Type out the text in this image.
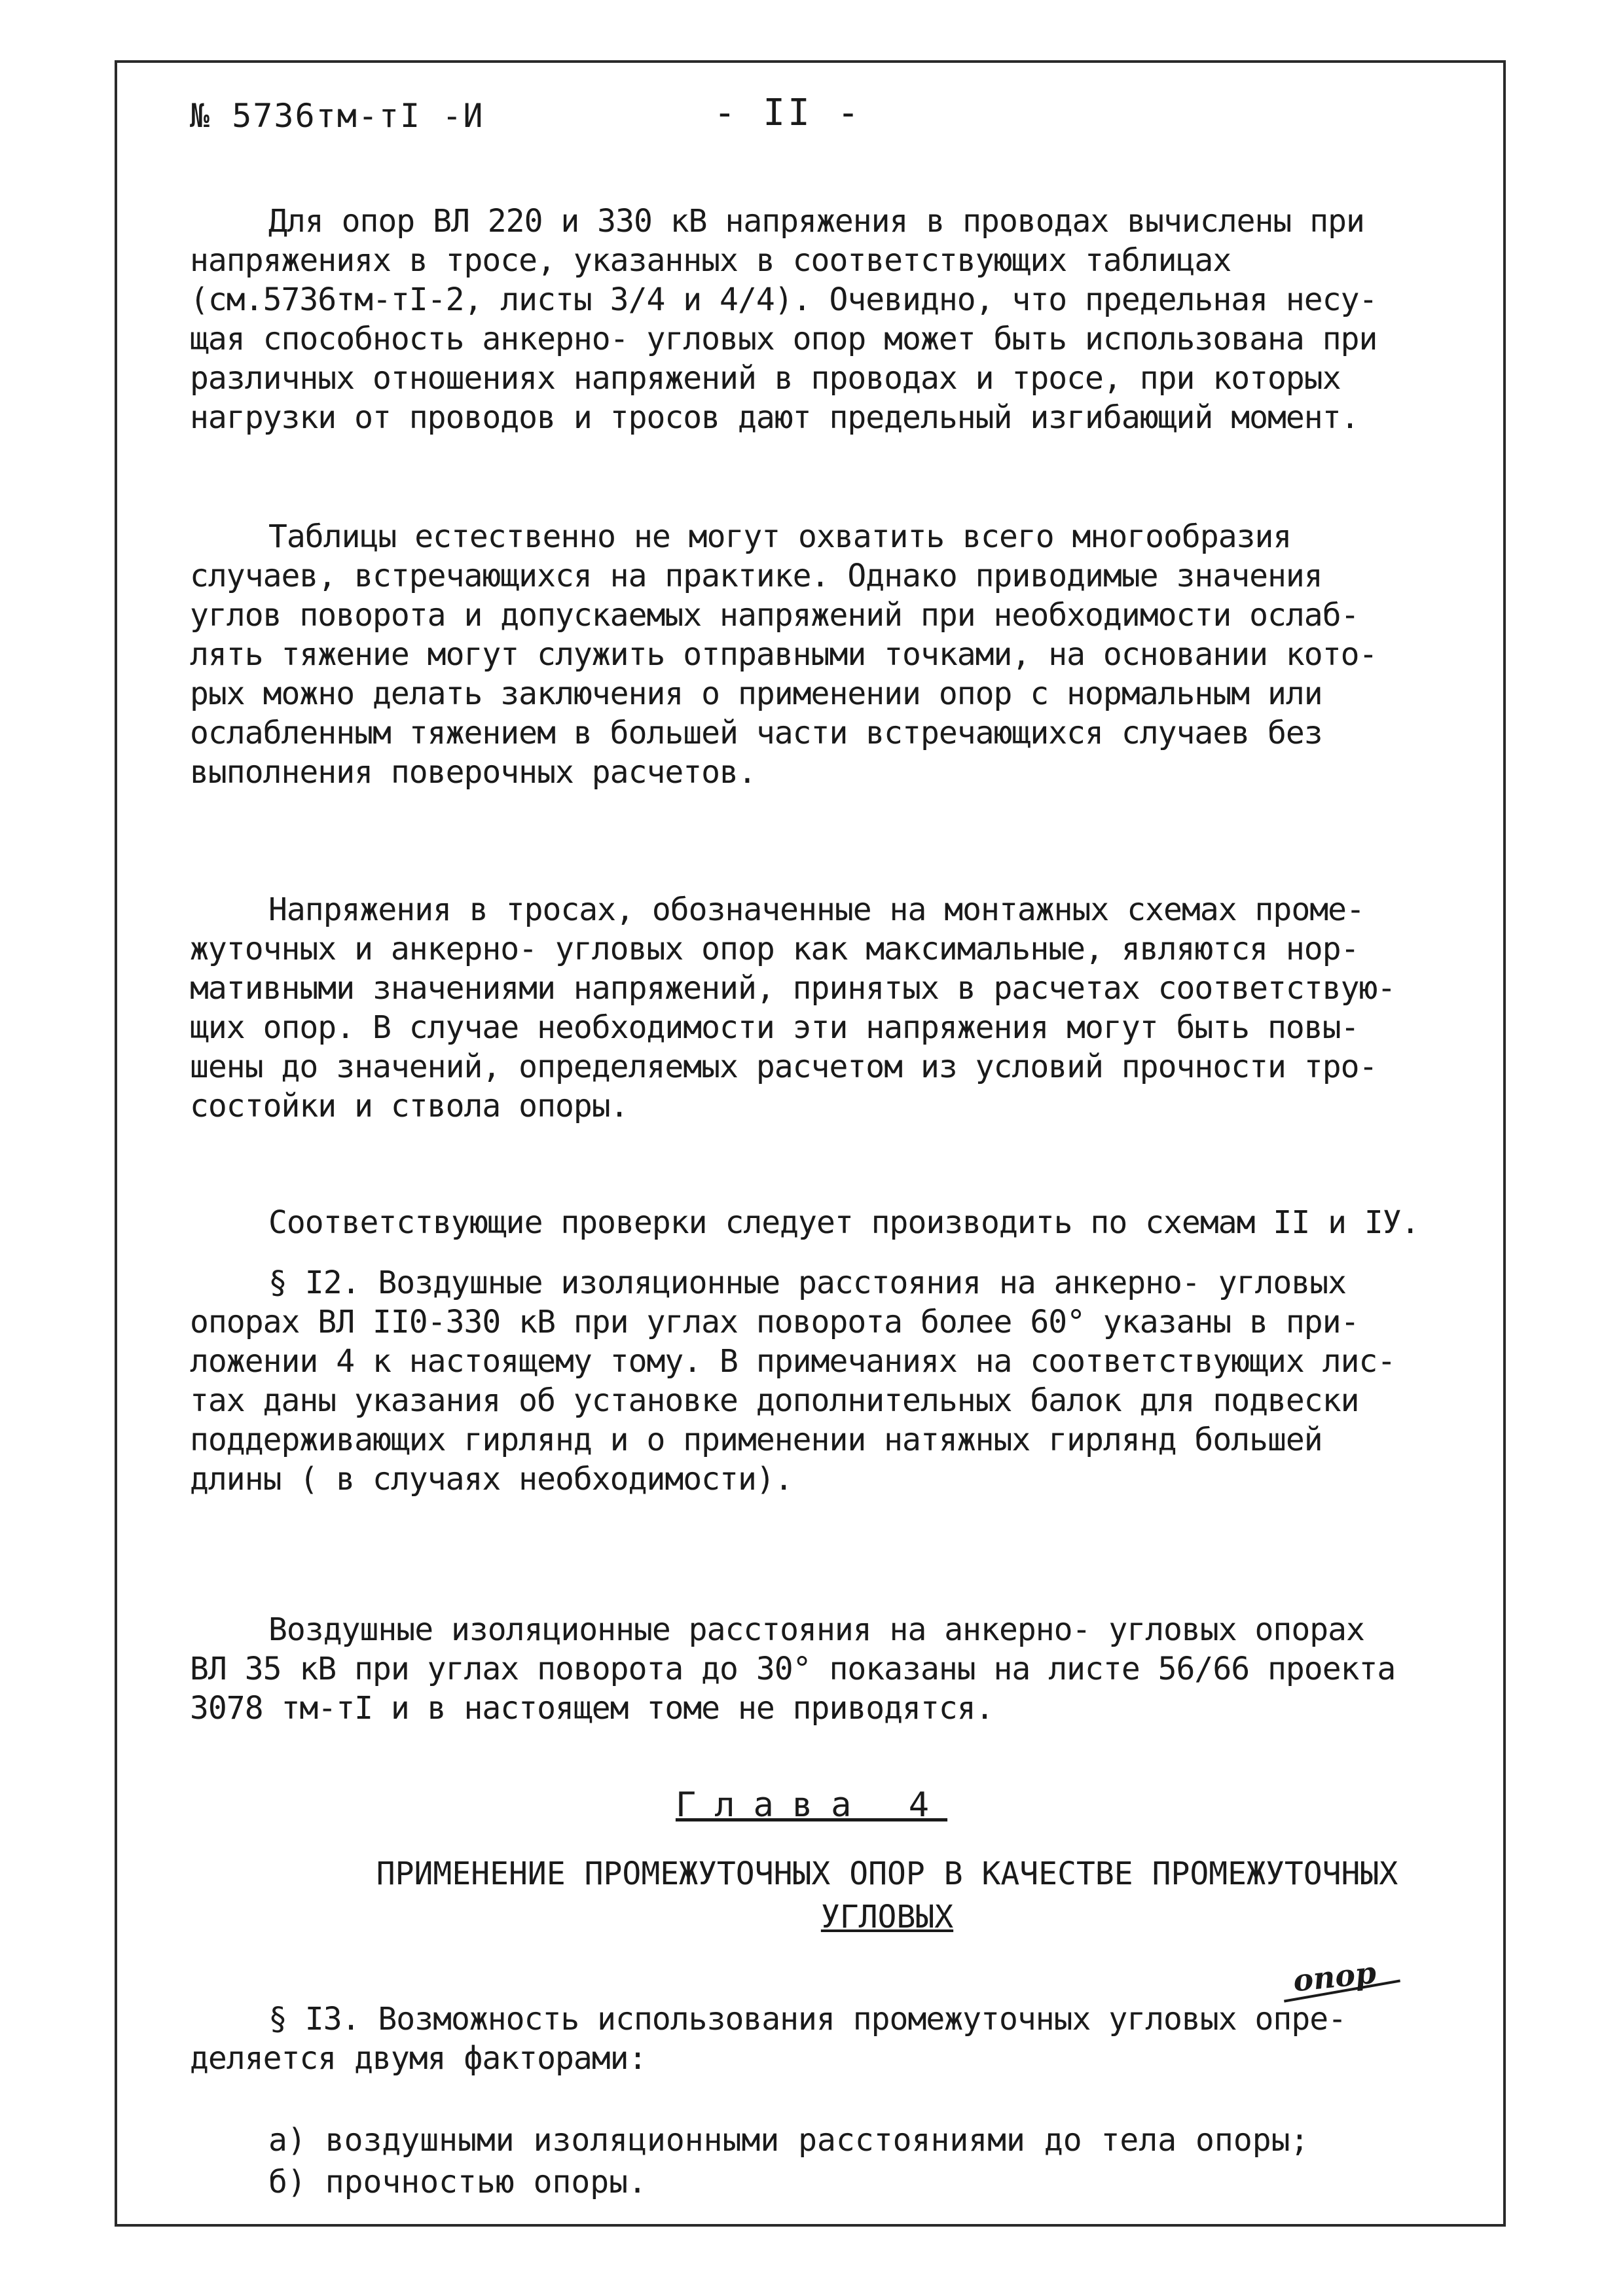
№ 5736тм-тI -И	- II -
Для опор ВЛ 220 и 330 кВ напряжения в проводах вычислены при
напряжениях в тросе, указанных в соответствующих таблицах
(см.5736тм-тI-2, листы 3/4 и 4/4). Очевидно, что предельная несу-
щая способность анкерно- угловых опор может быть использована при
различных отношениях напряжений в проводах и тросе, при которых
нагрузки от проводов и тросов дают предельный изгибающий момент.
Таблицы естественно не могут охватить всего многообразия
случаев, встречающихся на практике. Однако приводимые значения
углов поворота и допускаемых напряжений при необходимости ослаб-
лять тяжение могут служить отправными точками, на основании кото-
рых можно делать заключения о применении опор с нормальным или
ослабленным тяжением в большей части встречающихся случаев без
выполнения поверочных расчетов.
Напряжения в тросах, обозначенные на монтажных схемах проме-
жуточных и анкерно- угловых опор как максимальные, являются нор-
мативными значениями напряжений, принятых в расчетах соответствую-
щих опор. В случае необходимости эти напряжения могут быть повы-
шены до значений, определяемых расчетом из условий прочности тро-
состойки и ствола опоры.
Соответствующие проверки следует производить по схемам II и IУ.
§ I2. Воздушные изоляционные расстояния на анкерно- угловых
опорах ВЛ II0-330 кВ при углах поворота более 60° указаны в при-
ложении 4 к настоящему тому. В примечаниях на соответствующих лис-
тах даны указания об установке дополнительных балок для подвески
поддерживающих гирлянд и о применении натяжных гирлянд большей
длины ( в случаях необходимости).
Воздушные изоляционные расстояния на анкерно- угловых опорах
ВЛ 35 кВ при углах поворота до 30° показаны на листе 56/66 проекта
3078 тм-тI и в настоящем томе не приводятся.
Глава 4
ПРИМЕНЕНИЕ ПРОМЕЖУТОЧНЫХ ОПОР В КАЧЕСТВЕ ПРОМЕЖУТОЧНЫХ
УГЛОВЫХ
опор
§ I3. Возможность использования промежуточных угловых опре-
деляется двумя факторами:
а) воздушными изоляционными расстояниями до тела опоры;
б) прочностью опоры.
